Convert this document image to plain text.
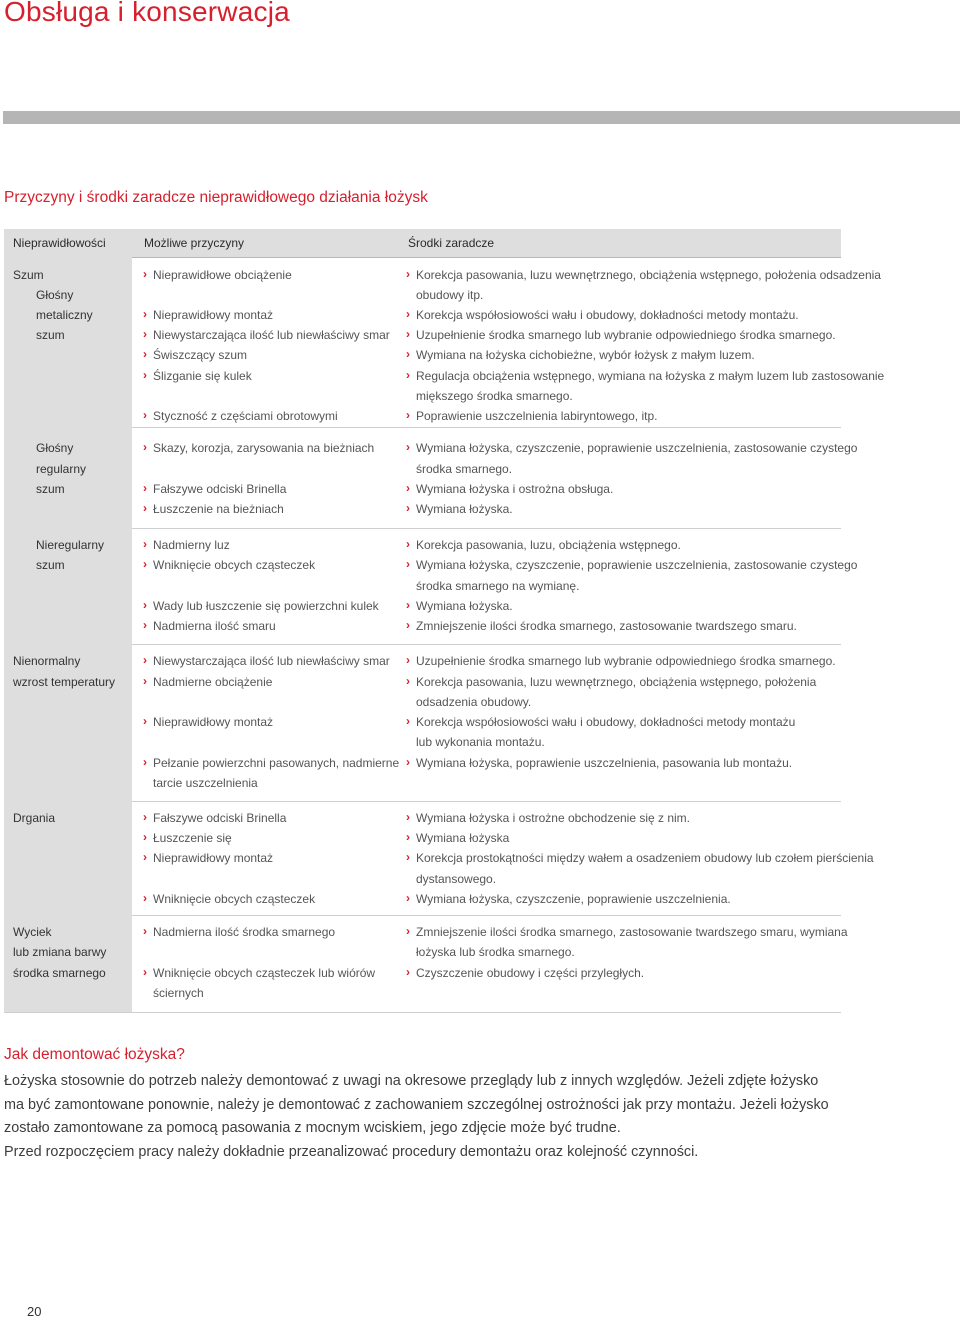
Obsługa i konserwacja
Przyczyny i środki zaradcze nieprawidłowego działania łożysk
Nieprawidłowości	Możliwe przyczyny	Środki zaradcze
Szum
Głośny
metaliczny
szum
› Nieprawidłowe obciążenie
› Nieprawidłowy montaż
› Niewystarczająca ilość lub niewłaściwy smar
› Świszczący szum
› Ślizganie się kulek
› Styczność z częściami obrotowymi
› Korekcja pasowania, luzu wewnętrznego, obciążenia wstępnego, położenia odsadzenia
obudowy itp.
› Korekcja współosiowości wału i obudowy, dokładności metody montażu.
› Uzupełnienie środka smarnego lub wybranie odpowiedniego środka smarnego.
› Wymiana na łożyska cichobieżne, wybór łożysk z małym luzem.
› Regulacja obciążenia wstępnego, wymiana na łożyska z małym luzem lub zastosowanie
miększego środka smarnego.
› Poprawienie uszczelnienia labiryntowego, itp.
Głośny
regularny
szum
› Skazy, korozja, zarysowania na bieżniach
› Fałszywe odciski Brinella
› Łuszczenie na bieżniach
› Wymiana łożyska, czyszczenie, poprawienie uszczelnienia, zastosowanie czystego
środka smarnego.
› Wymiana łożyska i ostrożna obsługa.
› Wymiana łożyska.
Nieregularny
szum
› Nadmierny luz
› Wniknięcie obcych cząsteczek
› Wady lub łuszczenie się powierzchni kulek
› Nadmierna ilość smaru
› Korekcja pasowania, luzu, obciążenia wstępnego.
› Wymiana łożyska, czyszczenie, poprawienie uszczelnienia, zastosowanie czystego
środka smarnego na wymianę.
› Wymiana łożyska.
› Zmniejszenie ilości środka smarnego, zastosowanie twardszego smaru.
Nienormalny
wzrost temperatury
› Niewystarczająca ilość lub niewłaściwy smar
› Nadmierne obciążenie
› Nieprawidłowy montaż
› Pełzanie powierzchni pasowanych, nadmierne
tarcie uszczelnienia
› Uzupełnienie środka smarnego lub wybranie odpowiedniego środka smarnego.
› Korekcja pasowania, luzu wewnętrznego, obciążenia wstępnego, położenia
odsadzenia obudowy.
› Korekcja współosiowości wału i obudowy, dokładności metody montażu
lub wykonania montażu.
› Wymiana łożyska, poprawienie uszczelnienia, pasowania lub montażu.
Drgania
›	Fałszywe odciski Brinella
› Łuszczenie się
› Nieprawidłowy montaż
› Wniknięcie obcych cząsteczek
› Wymiana łożyska i ostrożne obchodzenie się z nim.
› Wymiana łożyska
› Korekcja prostokątności między wałem a osadzeniem obudowy lub czołem pierścienia
dystansowego.
› Wymiana łożyska, czyszczenie, poprawienie uszczelnienia.
Wyciek
lub zmiana barwy
środka smarnego
› Nadmierna ilość środka smarnego
› Wniknięcie obcych cząsteczek lub wiórów
ściernych
› Zmniejszenie ilości środka smarnego, zastosowanie twardszego smaru, wymiana
łożyska lub środka smarnego.
› Czyszczenie obudowy i części przyległych.
Jak demontować łożyska?

Łożyska stosownie do potrzeb należy demontować z uwagi na okresowe przeglądy lub z innych względów. Jeżeli zdjęte łożysko

ma być zamontowane ponownie, należy je demontować z zachowaniem szczególnej ostrożności jak przy montażu. Jeżeli łożysko

zostało zamontowane za pomocą pasowania z mocnym wciskiem, jego zdjęcie może być trudne.

Przed rozpoczęciem pracy należy dokładnie przeanalizować procedury demontażu oraz kolejność czynności.

20
